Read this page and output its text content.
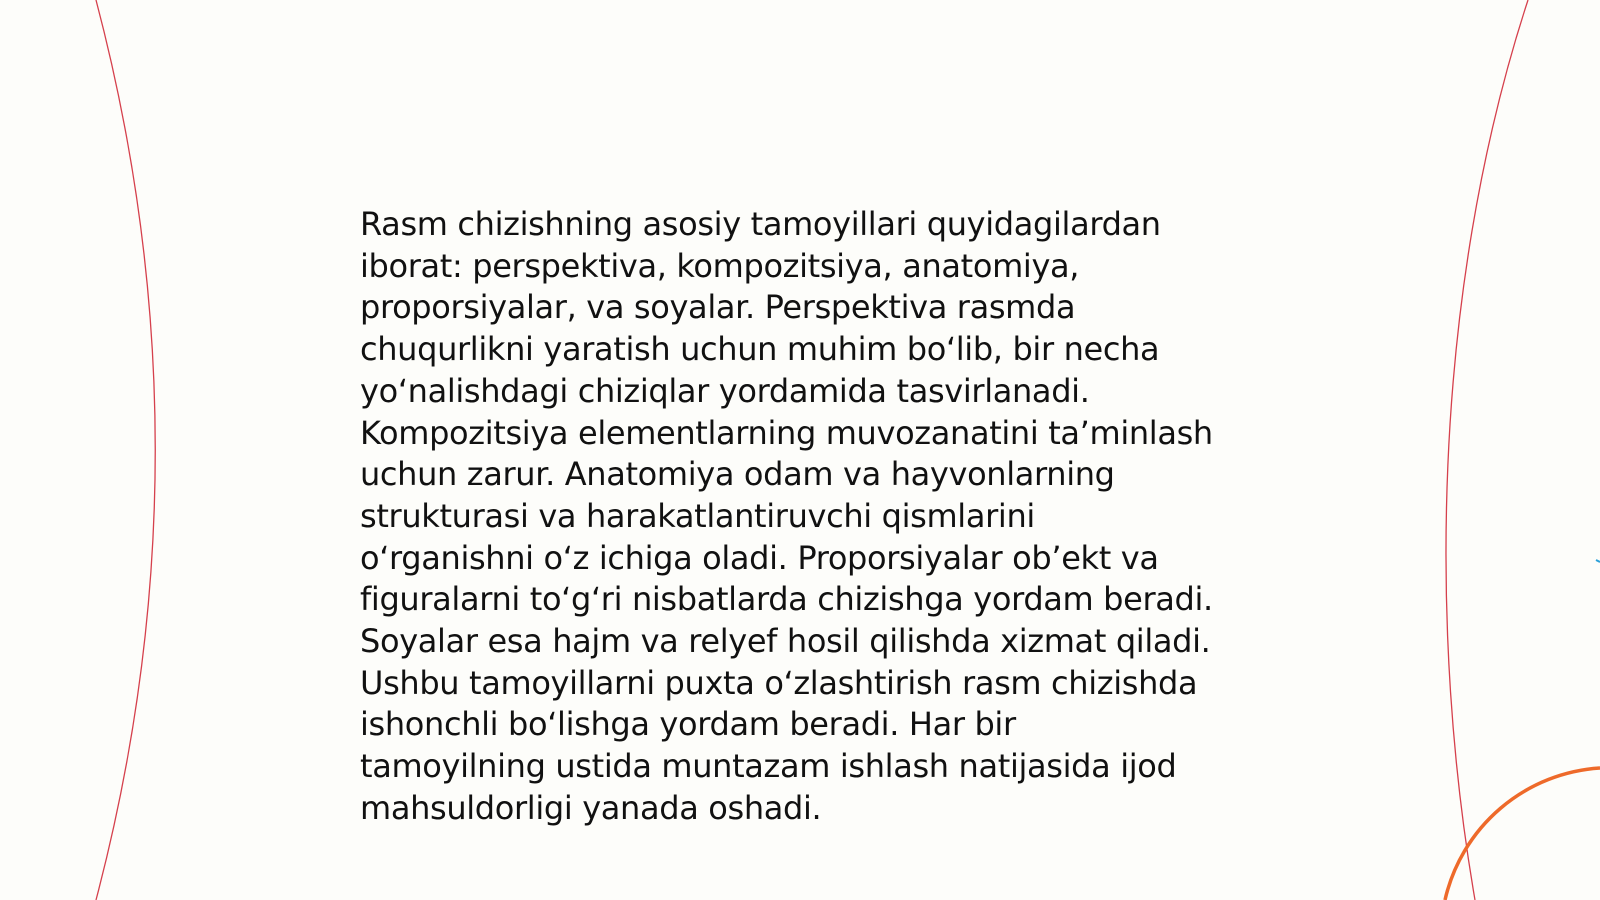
Rasm chizishning asosiy tamoyillari quyidagilardan
iborat: perspektiva, kompozitsiya, anatomiya,
proporsiyalar, va soyalar. Perspektiva rasmda
chuqurlikni yaratish uchun muhim boʻlib, bir necha
yoʻnalishdagi chiziqlar yordamida tasvirlanadi.
Kompozitsiya elementlarning muvozanatini taʼminlash
uchun zarur. Anatomiya odam va hayvonlarning
strukturasi va harakatlantiruvchi qismlarini
oʻrganishni oʻz ichiga oladi. Proporsiyalar obʼekt va
figuralarni toʻgʻri nisbatlarda chizishga yordam beradi.
Soyalar esa hajm va relyef hosil qilishda xizmat qiladi.
Ushbu tamoyillarni puxta oʻzlashtirish rasm chizishda
ishonchli boʻlishga yordam beradi. Har bir
tamoyilning ustida muntazam ishlash natijasida ijod
mahsuldorligi yanada oshadi.
